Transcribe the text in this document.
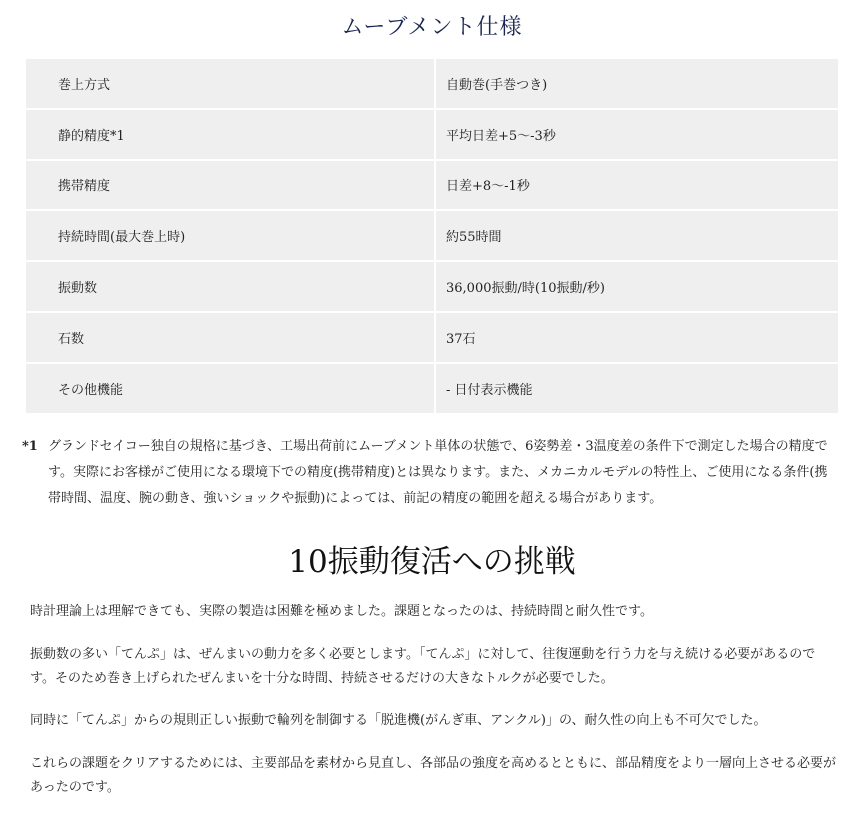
ムーブメント仕様
巻上方式	自動巻(手巻つき)
静的精度*1	平均日差+5〜-3秒
携帯精度	日差+8〜-1秒
持続時間(最大巻上時)	約55時間
振動数	36,000振動/時(10振動/秒)
石数	37石
その他機能	- 日付表示機能
*1 グランドセイコー独自の規格に基づき、工場出荷前にムーブメント単体の状態で、6姿勢差・3温度差の条件下で測定した場合の精度です。実際にお客様がご使用になる環境下での精度(携帯精度)とは異なります。また、メカニカルモデルの特性上、ご使用になる条件(携帯時間、温度、腕の動き、強いショックや振動)によっては、前記の精度の範囲を超える場合があります。
10振動復活への挑戦

時計理論上は理解できても、実際の製造は困難を極めました。課題となったのは、持続時間と耐久性です。

振動数の多い「てんぷ」は、ぜんまいの動力を多く必要とします。「てんぷ」に対して、往復運動を行う力を与え続ける必要があるのです。そのため巻き上げられたぜんまいを十分な時間、持続させるだけの大きなトルクが必要でした。

同時に「てんぷ」からの規則正しい振動で輪列を制御する「脱進機(がんぎ車、アンクル)」の、耐久性の向上も不可欠でした。

これらの課題をクリアするためには、主要部品を素材から見直し、各部品の強度を高めるとともに、部品精度をより一層向上させる必要があったのです。
